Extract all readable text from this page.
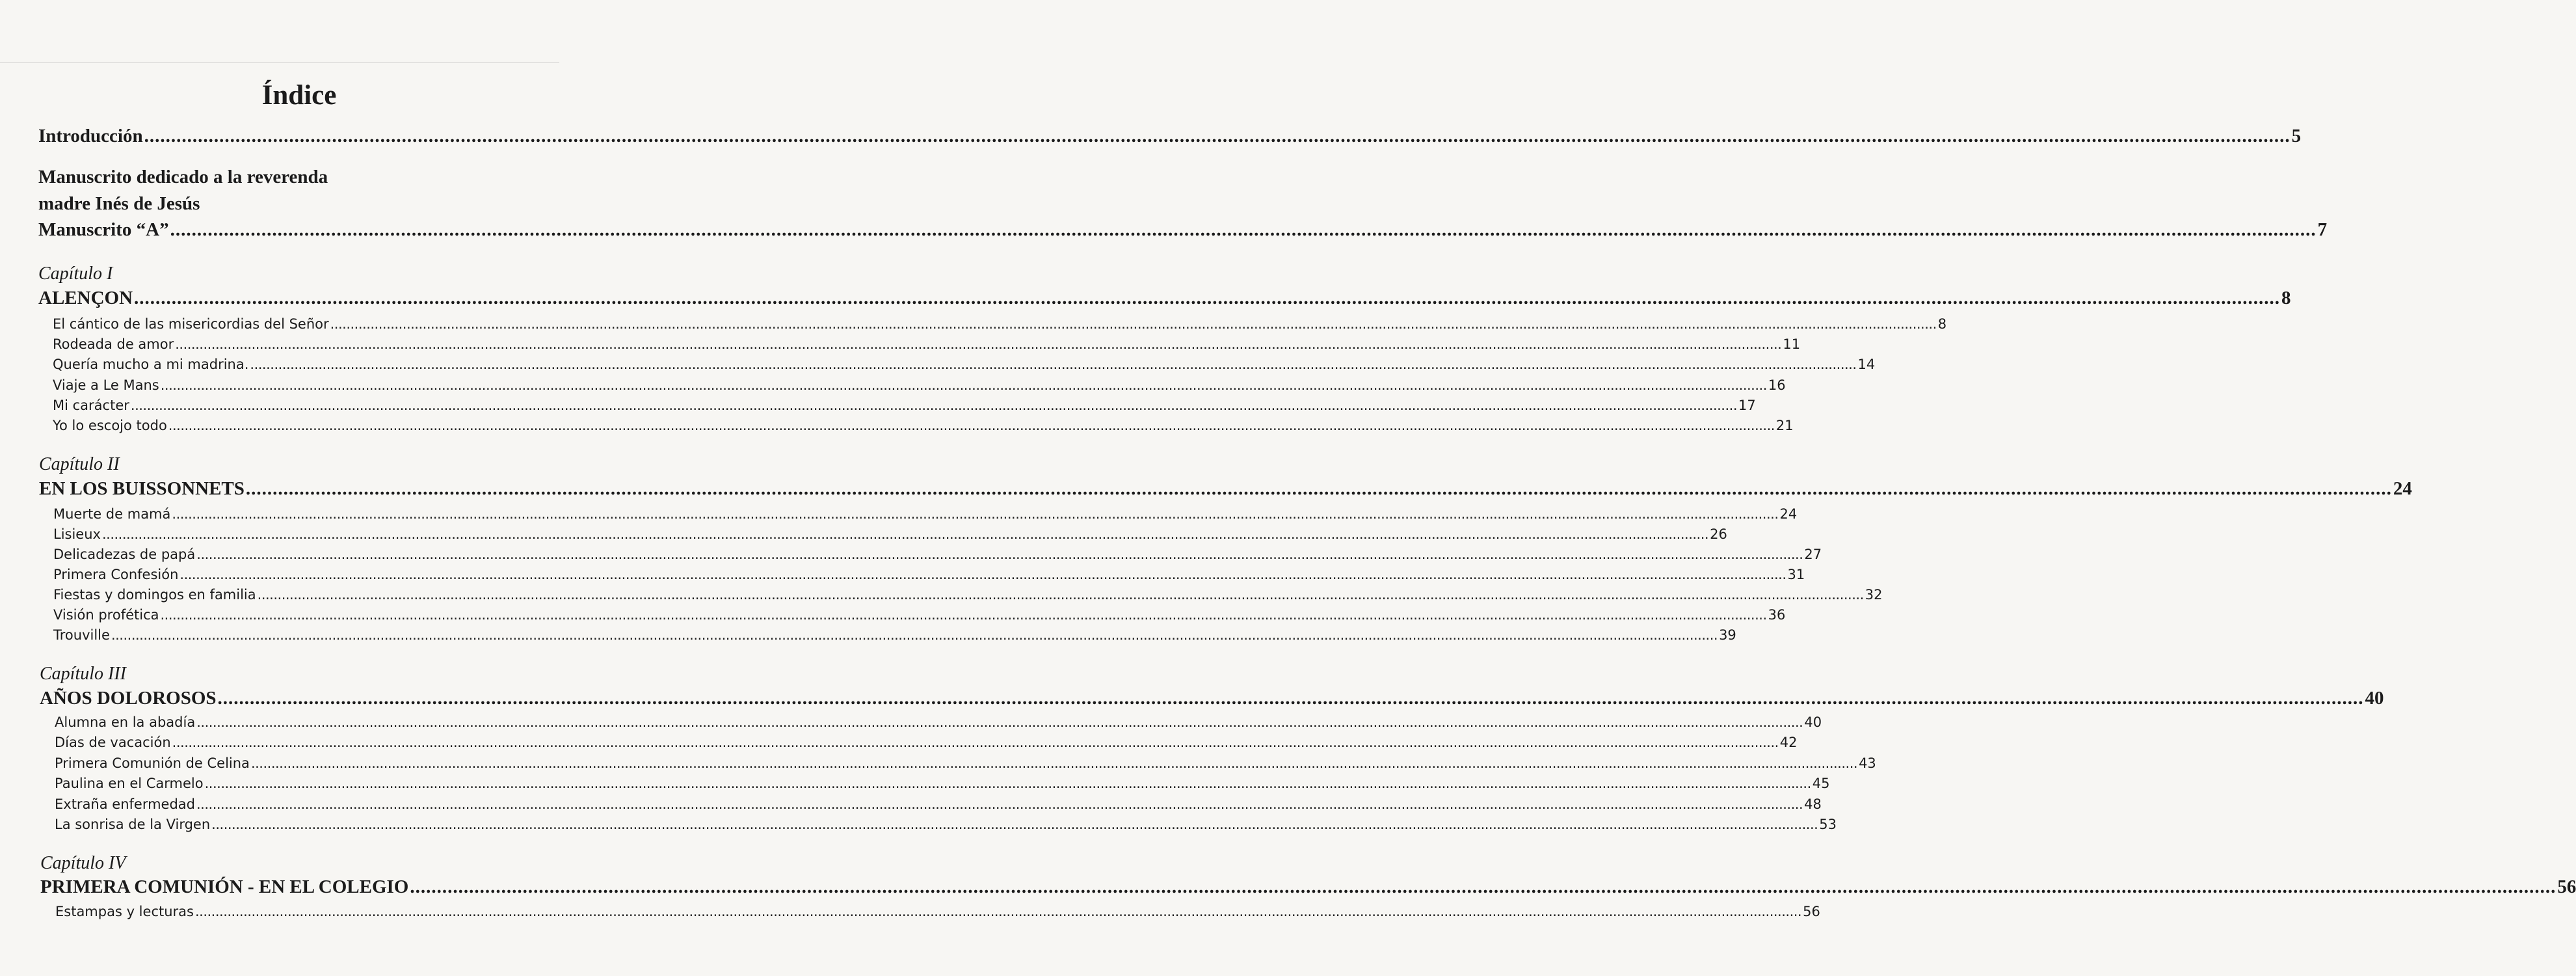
Índice
Introducción ................................................................................................................................................................................................................................................................................................................................................................................................................ 5
Manuscrito dedicado a la reverenda
madre Inés de Jesús
Manuscrito “A” ................................................................................................................................................................................................................................................................................................................................................................................................................ 7
Capítulo I
ALENÇON ................................................................................................................................................................................................................................................................................................................................................................................................................ 8
El cántico de las misericordias del Señor ................................................................................................................................................................................................................................................................................................................................................................................................................ 8
Rodeada de amor ................................................................................................................................................................................................................................................................................................................................................................................................................ 11
Quería mucho a mi madrina. ................................................................................................................................................................................................................................................................................................................................................................................................................ 14
Viaje a Le Mans ................................................................................................................................................................................................................................................................................................................................................................................................................ 16
Mi carácter ................................................................................................................................................................................................................................................................................................................................................................................................................ 17
Yo lo escojo todo ................................................................................................................................................................................................................................................................................................................................................................................................................ 21
Capítulo II
EN LOS BUISSONNETS ................................................................................................................................................................................................................................................................................................................................................................................................................ 24
Muerte de mamá ................................................................................................................................................................................................................................................................................................................................................................................................................ 24
Lisieux ................................................................................................................................................................................................................................................................................................................................................................................................................ 26
Delicadezas de papá ................................................................................................................................................................................................................................................................................................................................................................................................................ 27
Primera Confesión ................................................................................................................................................................................................................................................................................................................................................................................................................ 31
Fiestas y domingos en familia ................................................................................................................................................................................................................................................................................................................................................................................................................ 32
Visión profética ................................................................................................................................................................................................................................................................................................................................................................................................................ 36
Trouville ................................................................................................................................................................................................................................................................................................................................................................................................................ 39
Capítulo III
AÑOS DOLOROSOS ................................................................................................................................................................................................................................................................................................................................................................................................................ 40
Alumna en la abadía ................................................................................................................................................................................................................................................................................................................................................................................................................ 40
Días de vacación ................................................................................................................................................................................................................................................................................................................................................................................................................ 42
Primera Comunión de Celina ................................................................................................................................................................................................................................................................................................................................................................................................................ 43
Paulina en el Carmelo ................................................................................................................................................................................................................................................................................................................................................................................................................ 45
Extraña enfermedad ................................................................................................................................................................................................................................................................................................................................................................................................................ 48
La sonrisa de la Virgen ................................................................................................................................................................................................................................................................................................................................................................................................................ 53
Capítulo IV
PRIMERA COMUNIÓN - EN EL COLEGIO ................................................................................................................................................................................................................................................................................................................................................................................................................ 56
Estampas y lecturas ................................................................................................................................................................................................................................................................................................................................................................................................................ 56
